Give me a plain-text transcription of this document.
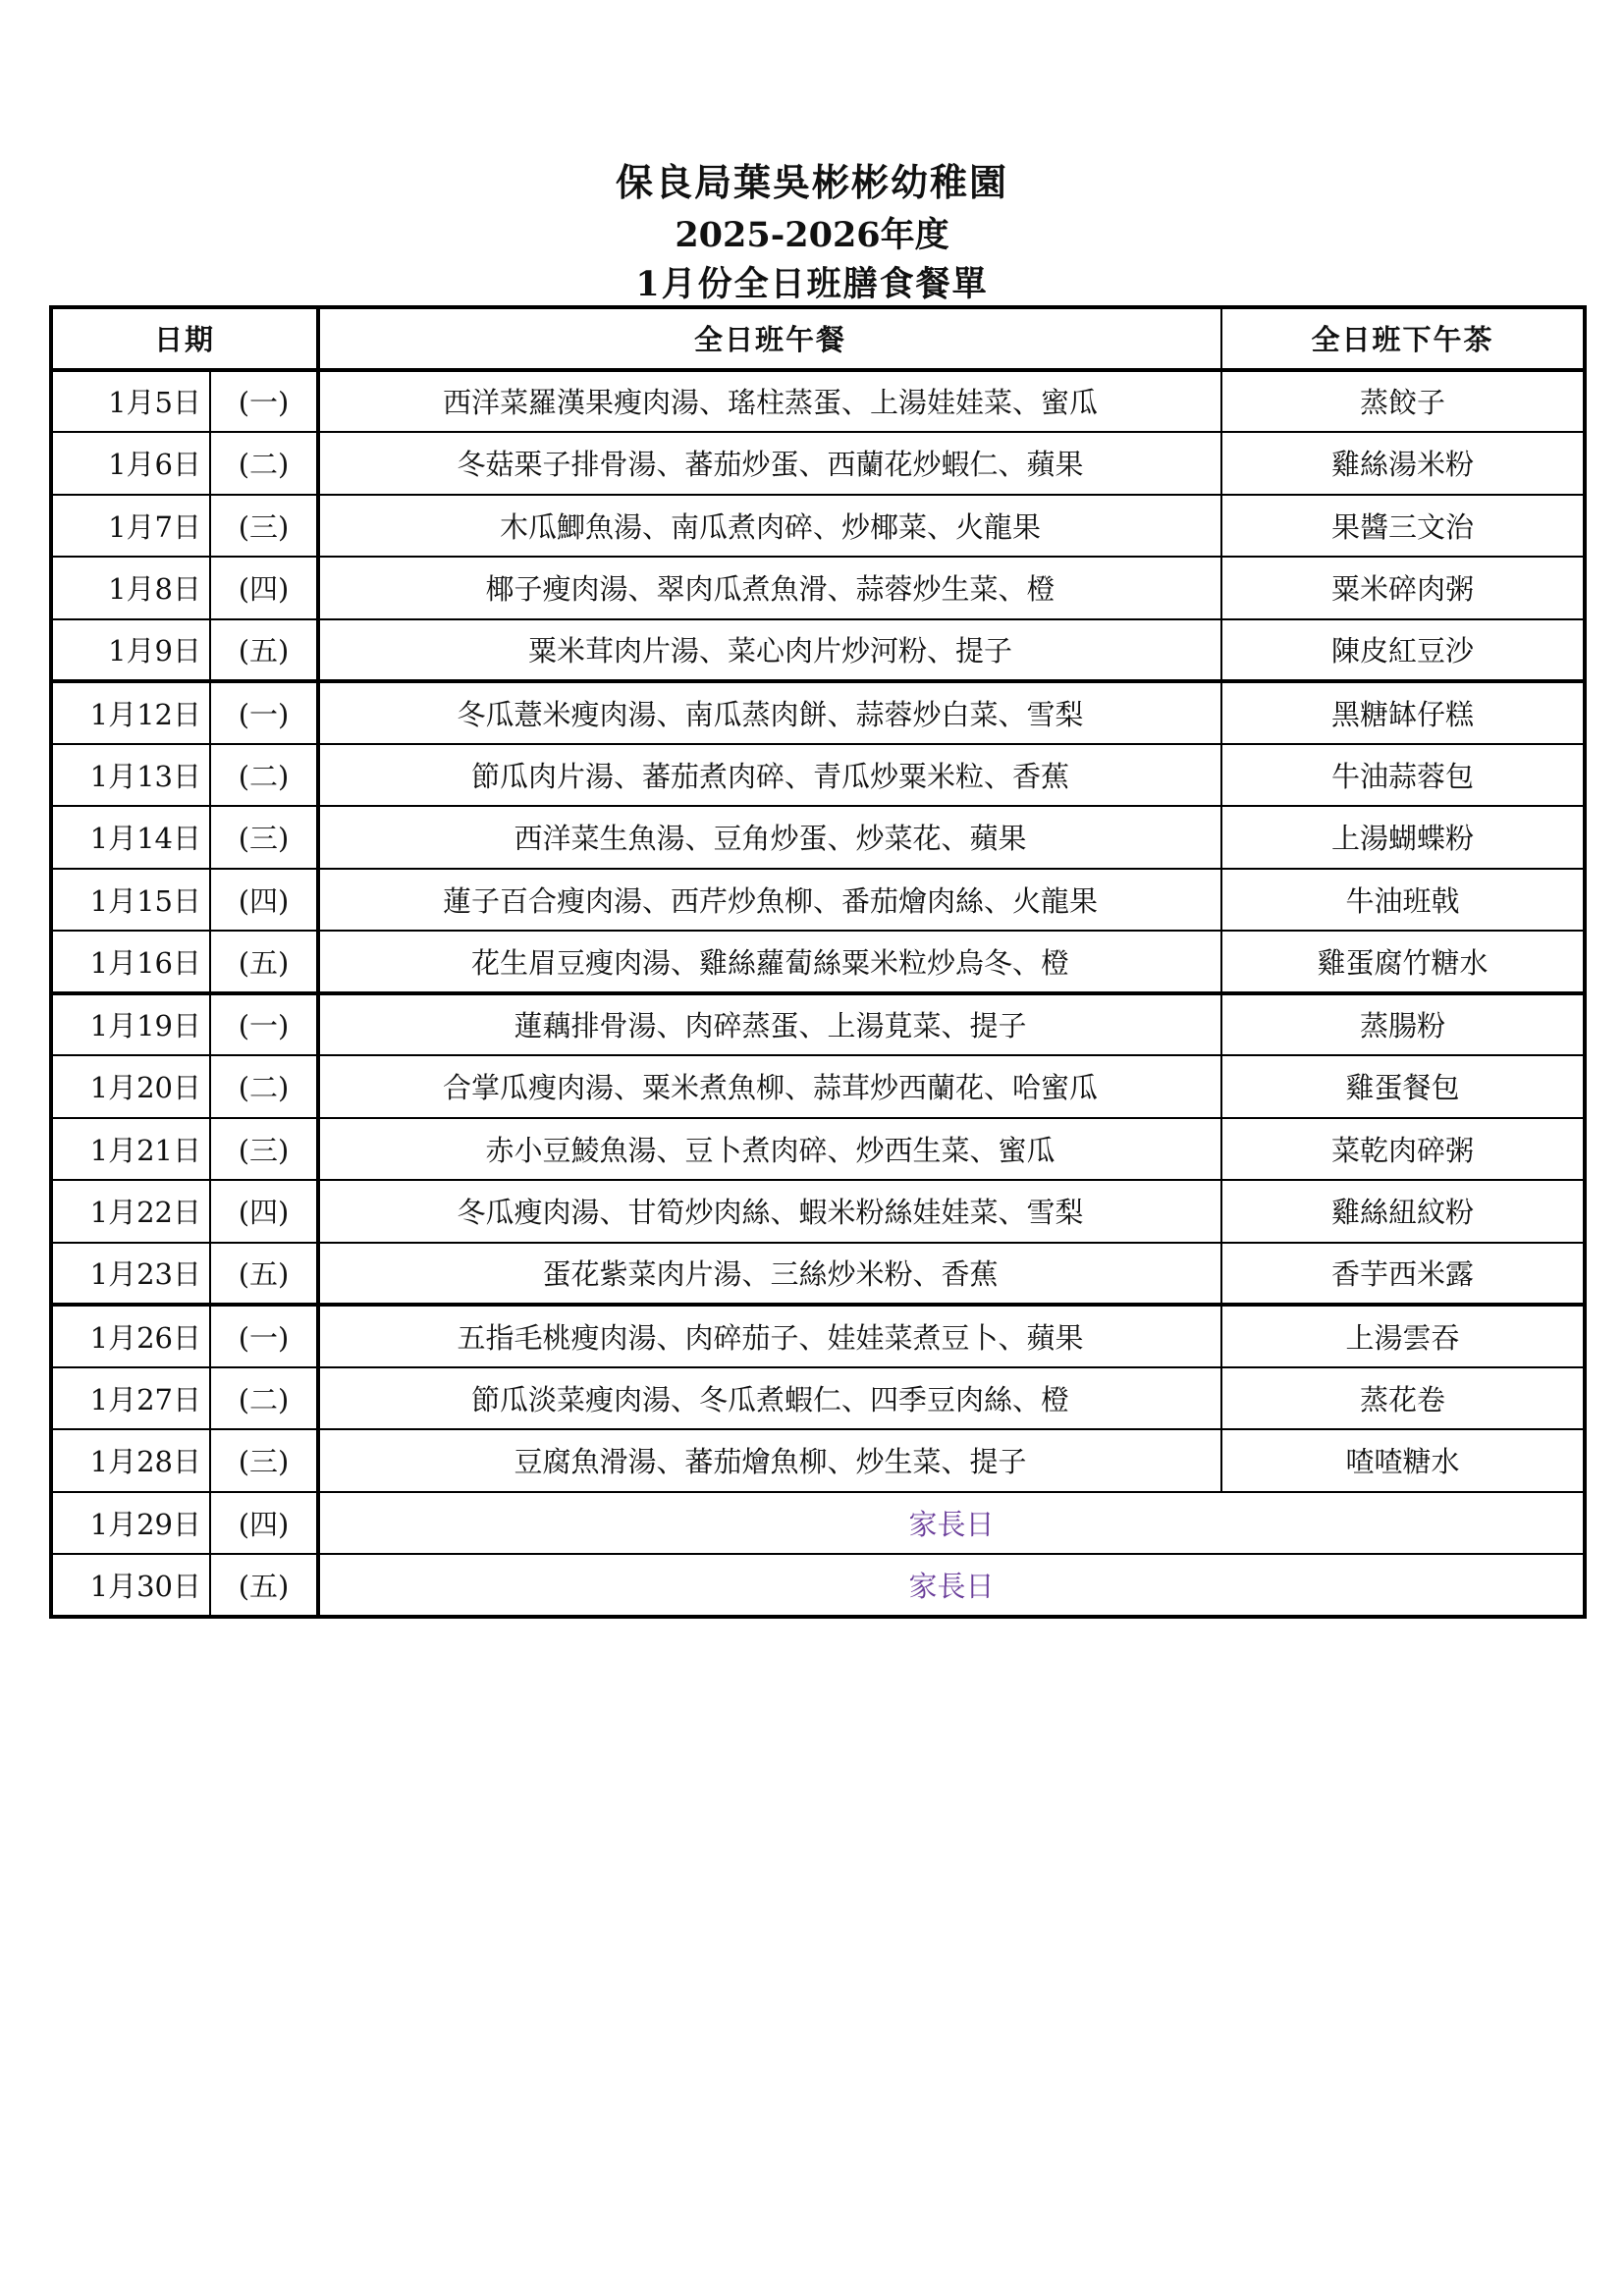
保良局葉吳彬彬幼稚園
2025-2026年度
1月份全日班膳食餐單
日期		全日班午餐	全日班下午茶
1月5日	(一)	西洋菜羅漢果瘦肉湯、瑤柱蒸蛋、上湯娃娃菜、蜜瓜	蒸餃子
1月6日	(二)	冬菇栗子排骨湯、蕃茄炒蛋、西蘭花炒蝦仁、蘋果	雞絲湯米粉
1月7日	(三)	木瓜鯽魚湯、南瓜煮肉碎、炒椰菜、火龍果	果醬三文治
1月8日	(四)	椰子瘦肉湯、翠肉瓜煮魚滑、蒜蓉炒生菜、橙	粟米碎肉粥
1月9日	(五)	粟米茸肉片湯、菜心肉片炒河粉、提子	陳皮紅豆沙
1月12日	(一)	冬瓜薏米瘦肉湯、南瓜蒸肉餅、蒜蓉炒白菜、雪梨	黑糖缽仔糕
1月13日	(二)	節瓜肉片湯、蕃茄煮肉碎、青瓜炒粟米粒、香蕉	牛油蒜蓉包
1月14日	(三)	西洋菜生魚湯、豆角炒蛋、炒菜花、蘋果	上湯蝴蝶粉
1月15日	(四)	蓮子百合瘦肉湯、西芹炒魚柳、番茄燴肉絲、火龍果	牛油班戟
1月16日	(五)	花生眉豆瘦肉湯、雞絲蘿蔔絲粟米粒炒烏冬、橙	雞蛋腐竹糖水
1月19日	(一)	蓮藕排骨湯、肉碎蒸蛋、上湯莧菜、提子	蒸腸粉
1月20日	(二)	合掌瓜瘦肉湯、粟米煮魚柳、蒜茸炒西蘭花、哈蜜瓜	雞蛋餐包
1月21日	(三)	赤小豆鯪魚湯、豆卜煮肉碎、炒西生菜、蜜瓜	菜乾肉碎粥
1月22日	(四)	冬瓜瘦肉湯、甘筍炒肉絲、蝦米粉絲娃娃菜、雪梨	雞絲紐紋粉
1月23日	(五)	蛋花紫菜肉片湯、三絲炒米粉、香蕉	香芋西米露
1月26日	(一)	五指毛桃瘦肉湯、肉碎茄子、娃娃菜煮豆卜、蘋果	上湯雲吞
1月27日	(二)	節瓜淡菜瘦肉湯、冬瓜煮蝦仁、四季豆肉絲、橙	蒸花卷
1月28日	(三)	豆腐魚滑湯、蕃茄燴魚柳、炒生菜、提子	喳喳糖水
1月29日	(四)	家長日	
1月30日	(五)	家長日	
